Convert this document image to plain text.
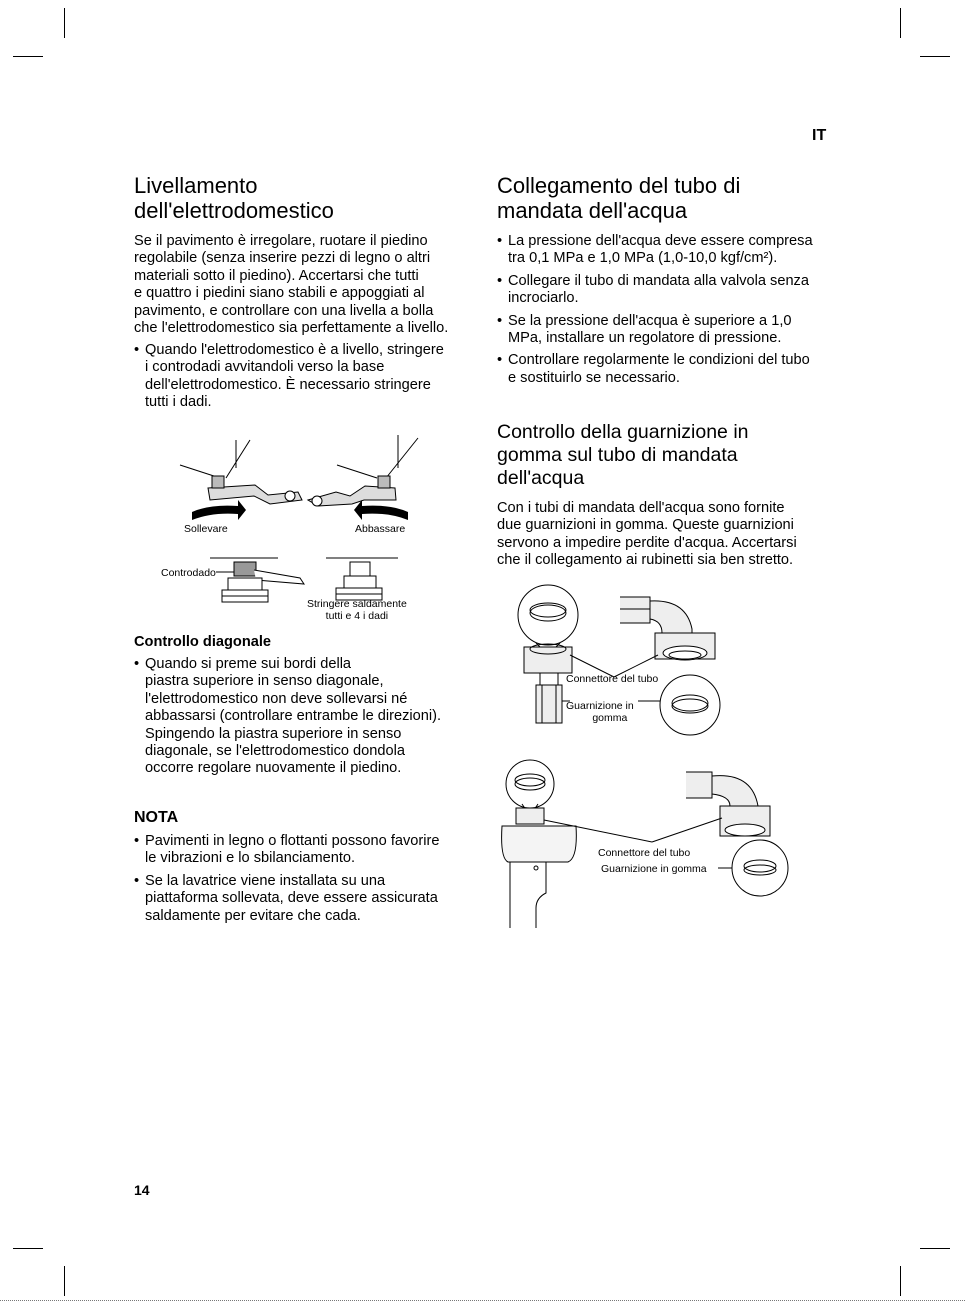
IT
Livellamento
dell'elettrodomestico
Se il pavimento è irregolare, ruotare il piedino
regolabile (senza inserire pezzi di legno o altri
materiali sotto il piedino). Accertarsi che tutti
e quattro i piedini siano stabili e appoggiati al
pavimento, e controllare con una livella a bolla
che l'elettrodomestico sia perfettamente a livello.
• Quando l'elettrodomestico è a livello, stringere
i controdadi avvitandoli verso la base
dell'elettrodomestico. È necessario stringere
tutti i dadi.
Sollevare	Abbassare
Controdado
Stringere saldamente
tutti e 4 i dadi
Controllo diagonale
• Quando si preme sui bordi della
piastra superiore in senso diagonale,
l'elettrodomestico non deve sollevarsi né
abbassarsi (controllare entrambe le direzioni).
Spingendo la piastra superiore in senso
diagonale, se l'elettrodomestico dondola
occorre regolare nuovamente il piedino.
NOTA
• Pavimenti in legno o flottanti possono favorire
le vibrazioni e lo sbilanciamento.
• Se la lavatrice viene installata su una
piattaforma sollevata, deve essere assicurata
saldamente per evitare che cada.
Collegamento del tubo di
mandata dell'acqua
• La pressione dell'acqua deve essere compresa
tra 0,1 MPa e 1,0 MPa (1,0-10,0 kgf/cm²).
• Collegare il tubo di mandata alla valvola senza
incrociarlo.
• Se la pressione dell'acqua è superiore a 1,0
MPa, installare un regolatore di pressione.
• Controllare regolarmente le condizioni del tubo
e sostituirlo se necessario.
Controllo della guarnizione in
gomma sul tubo di mandata
dell'acqua
Con i tubi di mandata dell'acqua sono fornite
due guarnizioni in gomma. Queste guarnizioni
servono a impedire perdite d'acqua. Accertarsi
che il collegamento ai rubinetti sia ben stretto.
Connettore del tubo
Guarnizione in
gomma
Connettore del tubo
Guarnizione in gomma
14
